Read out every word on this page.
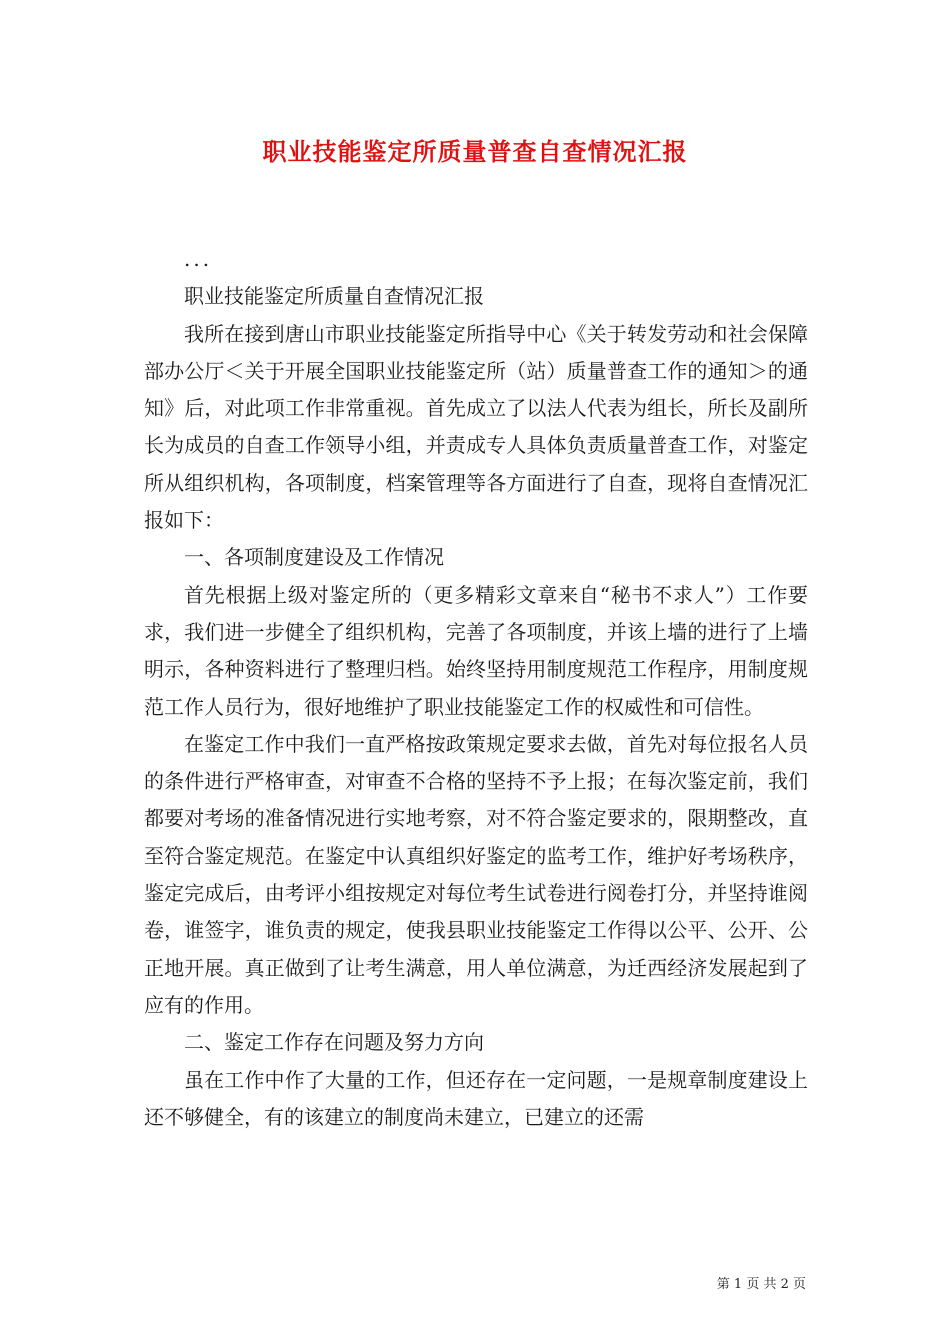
职业技能鉴定所质量普查自查情况汇报

...

职业技能鉴定所质量自查情况汇报

我所在接到唐山市职业技能鉴定所指导中心《关于转发劳动和社会保障部办公厅＜关于开展全国职业技能鉴定所（站）质量普查工作的通知＞的通知》后，对此项工作非常重视。首先成立了以法人代表为组长，所长及副所长为成员的自查工作领导小组，并责成专人具体负责质量普查工作，对鉴定所从组织机构，各项制度，档案管理等各方面进行了自查，现将自查情况汇报如下：

一、各项制度建设及工作情况

首先根据上级对鉴定所的（更多精彩文章来自“秘书不求人”）工作要求，我们进一步健全了组织机构，完善了各项制度，并该上墙的进行了上墙明示，各种资料进行了整理归档。始终坚持用制度规范工作程序，用制度规范工作人员行为，很好地维护了职业技能鉴定工作的权威性和可信性。

在鉴定工作中我们一直严格按政策规定要求去做，首先对每位报名人员的条件进行严格审查，对审查不合格的坚持不予上报；在每次鉴定前，我们都要对考场的准备情况进行实地考察，对不符合鉴定要求的，限期整改，直至符合鉴定规范。在鉴定中认真组织好鉴定的监考工作，维护好考场秩序，鉴定完成后，由考评小组按规定对每位考生试卷进行阅卷打分，并坚持谁阅卷，谁签字，谁负责的规定，使我县职业技能鉴定工作得以公平、公开、公正地开展。真正做到了让考生满意，用人单位满意，为迁西经济发展起到了应有的作用。

二、鉴定工作存在问题及努力方向

虽在工作中作了大量的工作，但还存在一定问题，一是规章制度建设上还不够健全，有的该建立的制度尚未建立，已建立的还需

第 1 页 共 2 页
